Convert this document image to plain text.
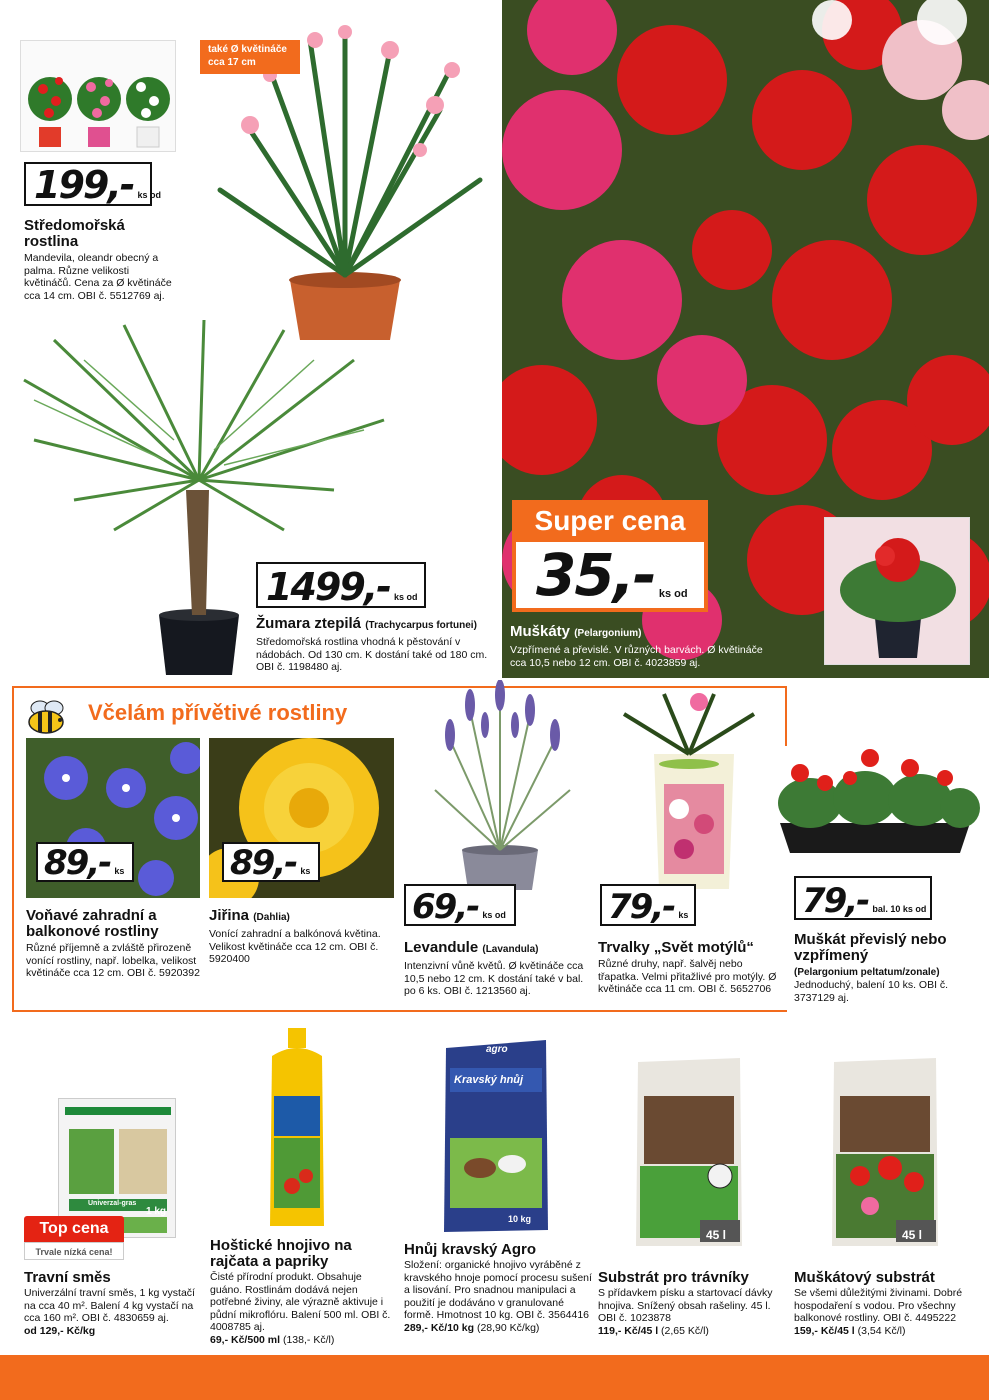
také Ø květináče cca 17 cm
199,- ks od
Středomořská rostlina
Mandevila, oleandr obecný a palma. Různe velikosti květináčů. Cena za Ø květináče cca 14 cm. OBI č. 5512769 aj.
1499,- ks od
Žumara ztepilá (Trachycarpus fortunei)
Středomořská rostlina vhodná k pěstování v nádobách. Od 130 cm. K dostání také od 180 cm. OBI č. 1198480 aj.
Super cena
35,- ks od
Muškáty (Pelargonium)
Vzpřímené a převislé. V různých barvách. Ø květináče cca 10,5 nebo 12 cm. OBI č. 4023859 aj.
Včelám přívětivé rostliny
89,- ks
Voňavé zahradní a balkonové rostliny
Různé příjemně a zvláště přirozeně vonící rostliny, např. lobelka, velikost květináče cca 12 cm. OBI č. 5920392
89,- ks
Jiřina (Dahlia)
Vonící zahradní a balkónová květina. Velikost květináče cca 12 cm. OBI č. 5920400
69,- ks od
Levandule (Lavandula)
Intenzivní vůně květů. Ø květináče cca 10,5 nebo 12 cm. K dostání také v bal. po 6 ks. OBI č. 1213560 aj.
79,- ks
Trvalky „Svět motýlů“
Různé druhy, např. šalvěj nebo třapatka. Velmi přitažlivé pro motýly. Ø květináče cca 11 cm. OBI č. 5652706
79,- bal. 10 ks od
Muškát převislý nebo vzpřímený
(Pelargonium peltatum/zonale)
Jednoduchý, balení 10 ks. OBI č. 3737129 aj.
Univerzal-gras
1 kg
Top cena
Trvale nízká cena!
Travní směs
Univerzální travní směs, 1 kg vystačí na cca 40 m². Balení 4 kg vystačí na cca 160 m². OBI č. 4830659 aj.
od 129,- Kč/kg
Hoštické hnojivo na rajčata a papriky
Čisté přírodní produkt. Obsahuje guáno. Rostlinám dodává nejen potřebné živiny, ale výrazně aktivuje i půdní mikroflóru. Balení 500 ml. OBI č. 4008785 aj.
69,- Kč/500 ml (138,- Kč/l)
agro
Kravský hnůj
10 kg
Hnůj kravský Agro
Složení: organické hnojivo vyráběné z kravského hnoje pomocí procesu sušení a lisování. Pro snadnou manipulaci a použití je dodáváno v granulované formě. Hmotnost 10 kg. OBI č. 3564416
289,- Kč/10 kg (28,90 Kč/kg)
45 l
Substrát pro trávníky
S přídavkem písku a startovací dávky hnojiva. Snížený obsah rašeliny. 45 l. OBI č. 1023878
119,- Kč/45 l (2,65 Kč/l)
45 l
Muškátový substrát
Se všemi důležitými živinami. Dobré hospodaření s vodou. Pro všechny balkonové rostliny. OBI č. 4495222
159,- Kč/45 l (3,54 Kč/l)
